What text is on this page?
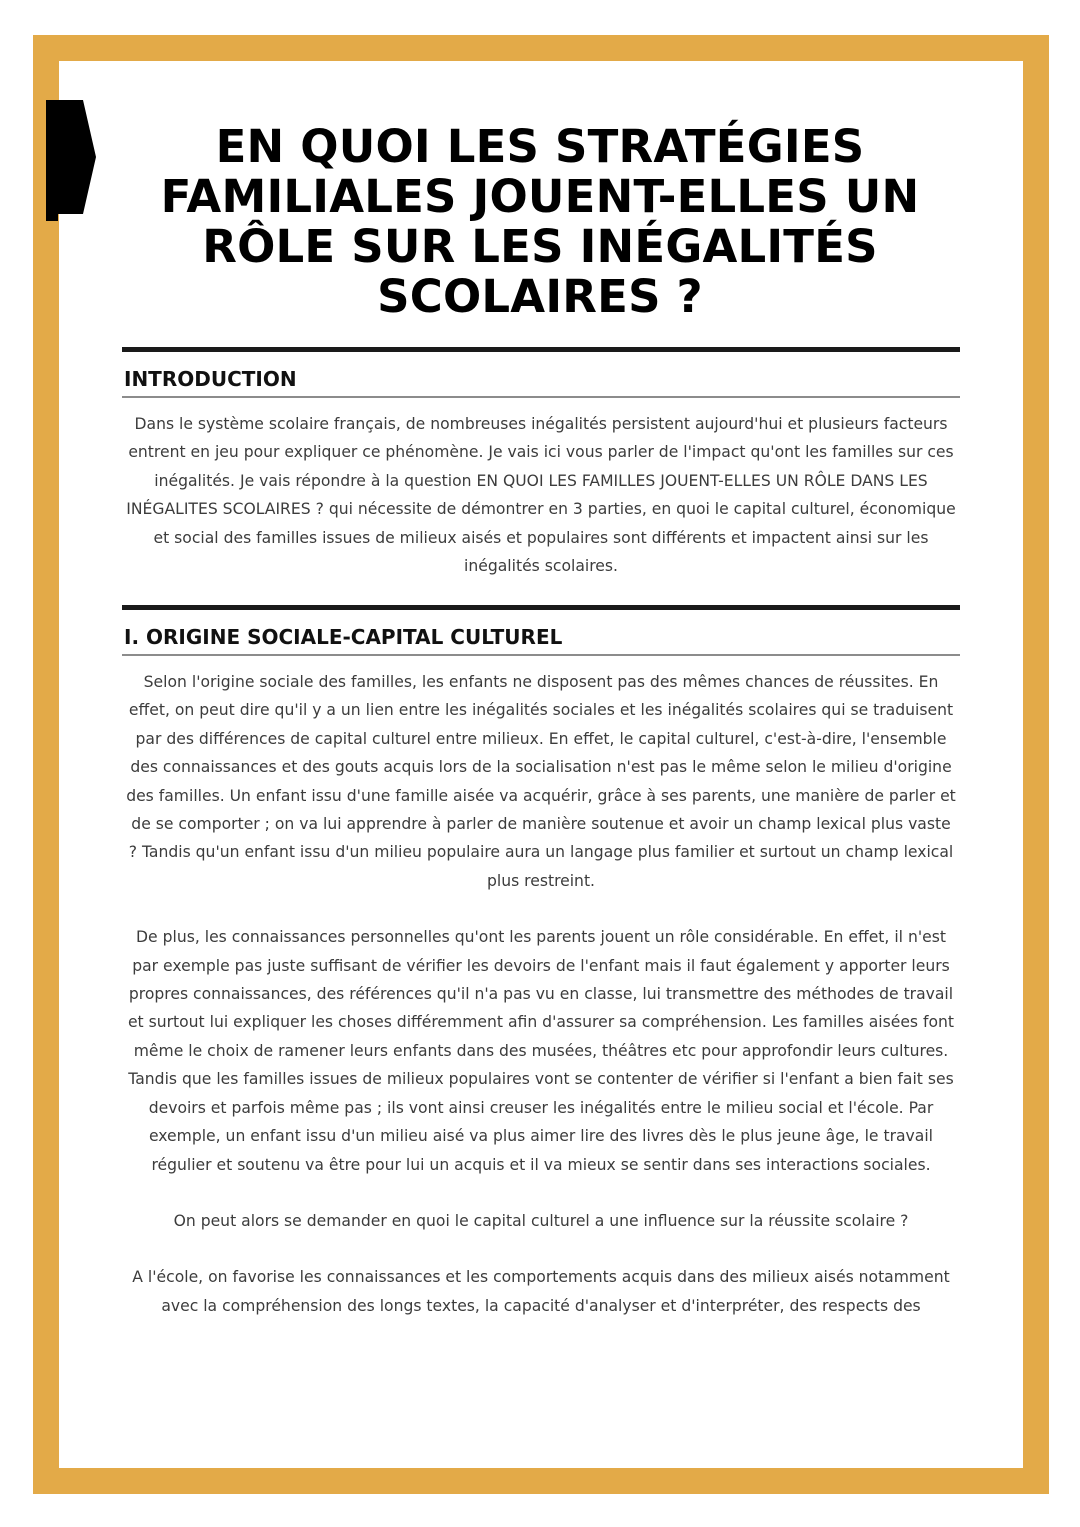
EN QUOI LES STRATÉGIES FAMILIALES JOUENT-ELLES UN RÔLE SUR LES INÉGALITÉS SCOLAIRES ?
INTRODUCTION

Dans le système scolaire français, de nombreuses inégalités persistent aujourd'hui et plusieurs facteurs entrent en jeu pour expliquer ce phénomène. Je vais ici vous parler de l'impact qu'ont les familles sur ces inégalités. Je vais répondre à la question EN QUOI LES FAMILLES JOUENT-ELLES UN RÔLE DANS LES INÉGALITES SCOLAIRES ? qui nécessite de démontrer en 3 parties, en quoi le capital culturel, économique et social des familles issues de milieux aisés et populaires sont différents et impactent ainsi sur les inégalités scolaires.

I. ORIGINE SOCIALE-CAPITAL CULTUREL

Selon l'origine sociale des familles, les enfants ne disposent pas des mêmes chances de réussites. En effet, on peut dire qu'il y a un lien entre les inégalités sociales et les inégalités scolaires qui se traduisent par des différences de capital culturel entre milieux. En effet, le capital culturel, c'est-à-dire, l'ensemble des connaissances et des gouts acquis lors de la socialisation n'est pas le même selon le milieu d'origine des familles. Un enfant issu d'une famille aisée va acquérir, grâce à ses parents, une manière de parler et de se comporter ; on va lui apprendre à parler de manière soutenue et avoir un champ lexical plus vaste ? Tandis qu'un enfant issu d'un milieu populaire aura un langage plus familier et surtout un champ lexical plus restreint.

De plus, les connaissances personnelles qu'ont les parents jouent un rôle considérable. En effet, il n'est par exemple pas juste suffisant de vérifier les devoirs de l'enfant mais il faut également y apporter leurs propres connaissances, des références qu'il n'a pas vu en classe, lui transmettre des méthodes de travail et surtout lui expliquer les choses différemment afin d'assurer sa compréhension. Les familles aisées font même le choix de ramener leurs enfants dans des musées, théâtres etc pour approfondir leurs cultures. Tandis que les familles issues de milieux populaires vont se contenter de vérifier si l'enfant a bien fait ses devoirs et parfois même pas ; ils vont ainsi creuser les inégalités entre le milieu social et l'école. Par exemple, un enfant issu d'un milieu aisé va plus aimer lire des livres dès le plus jeune âge, le travail régulier et soutenu va être pour lui un acquis et il va mieux se sentir dans ses interactions sociales.

On peut alors se demander en quoi le capital culturel a une influence sur la réussite scolaire ?

A l'école, on favorise les connaissances et les comportements acquis dans des milieux aisés notamment avec la compréhension des longs textes, la capacité d'analyser et d'interpréter, des respects des
